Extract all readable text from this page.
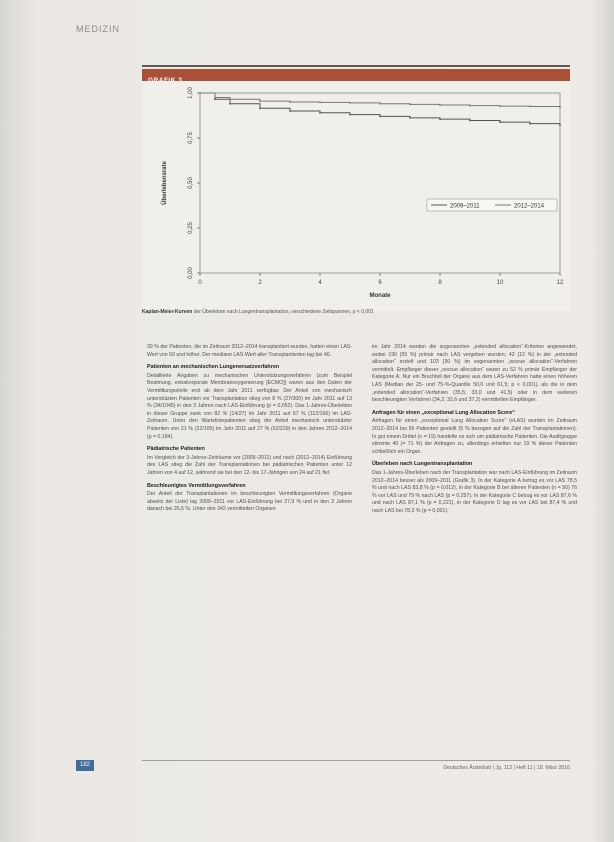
MEDIZIN
0,00
0,25
0,50
0,75
1,00
0	2	4	6	8	10	12
Monate
Überlebensrate
2009–2011	2012–2014
Kaplan-Meier-Kurven der Überleben nach Lungentransplantation, verschiedene Zeitspannen, p < 0,001

39 % der Patienten, die im Zeitraum 2012–2014 transplantiert wurden, hatten einen LAS-Wert von 50 und höher. Der mediane LAS-Wert aller Transplantierten lag bei 40.

Patienten an mechanischen Lungenersatzverfahren

Detaillierte Angaben zu mechanischen Unterstützungsverfahren (zum Beispiel Beatmung, extrakorporale Membranoxygenierung [ECMO]) waren aus den Daten der Vermittlungsstelle erst ab dem Jahr 2011 verfügbar. Der Anteil von mechanisch unterstützten Patienten vor Transplantation stieg von 8 % (27/300) im Jahr 2011 auf 13 % (34/1045) in den 3 Jahren nach LAS-Einführung (p = 0,052). Das 1-Jahres-Überleben in dieser Gruppe sank von 82 % (14/27) im Jahr 2011 auf 67 % (112/166) im LAS-Zeitraum. Unter den Wartelistepatienten stieg der Anteil mechanisch unterstützter Patienten von 21 % (22/105) im Jahr 2011 auf 27 % (62/229) in den Jahren 2012–2014 (p = 0,184).

Pädiatrische Patienten

Im Vergleich der 3-Jahres-Zeiträume vor (2009–2011) und nach (2012–2014) Einführung des LAS stieg die Zahl der Transplantationen bei pädiatrischen Patienten unter 12 Jahren von 4 auf 12, während sie bei den 12- bis 17-Jährigen von 24 auf 21 fiel.

Beschleunigtes Vermittlungsverfahren

Der Anteil der Transplantationen im beschleunigten Vermittlungsverfahren (Organe abseits der Liste) lag 2009–2011 vor LAS-Einführung bei 27,9 % und in den 3 Jahren danach bei 26,5 %. Unter den 342 vermittelten Organen

im Jahr 2014 wurden die sogenannten „extended allocation“-Kriterien angewendet, wobei 190 (55 %) primär nach LAS vergeben wurden; 42 (12 %) in der „extended allocation“ erzielt und 103 (30 %) im sogenannten „rescue allocation“-Verfahren vermittelt. Empfänger dieser „rescue allocation“ waren zu 52 % primär Empfänger der Kategorie A. Nur ein Bruchteil der Organe aus dem LAS-Verfahren hatte einen höheren LAS (Median der 25- und 75-%-Quantile 50,0 und 61,5; p < 0,001), als die in dem „extended allocation“-Verfahren (35,5; 33,0 und 41,5) oder in dem weiteren beschleunigten Verfahren (34,2; 32,6 und 37,2) vermittelten Empfänger.

Anfragen für einen „exceptional Lung Allocation Score“

Anfragen für einen „exceptional Lung Allocation Score“ (eLAS) wurden im Zeitraum 2012–2014 bei 56 Patienten gestellt (5 % bezogen auf die Zahl der Transplantationen). In gut einem Drittel (n = 19) handelte es sich um pädiatrische Patienten. Die Auditgruppe stimmte 40 (= 71 %) der Anfragen zu, allerdings erhielten nur 19 % dieser Patienten schließlich ein Organ.

Überleben nach Lungentransplantation

Das 1-Jahres-Überleben nach der Transplantation war nach LAS-Einführung im Zeitraum 2012–2014 besser als 2009–2011 (Grafik 3). In der Kategorie A betrug es vor LAS 78,5 % und nach LAS 83,8 % (p = 0,012), in der Kategorie B bei älteren Patienten (n = 90) 76 % vor LAS und 79 % nach LAS (p = 0,257). In der Kategorie C betrug es vor LAS 87,6 % und nach LAS 87,1 % (p = 0,221), in der Kategorie D lag es vor LAS bei 87,4 % und nach LAS bei 78,3 % (p = 0,001).

182	Deutsches Ärzteblatt | Jg. 113 | Heft 11 | 18. März 2016
